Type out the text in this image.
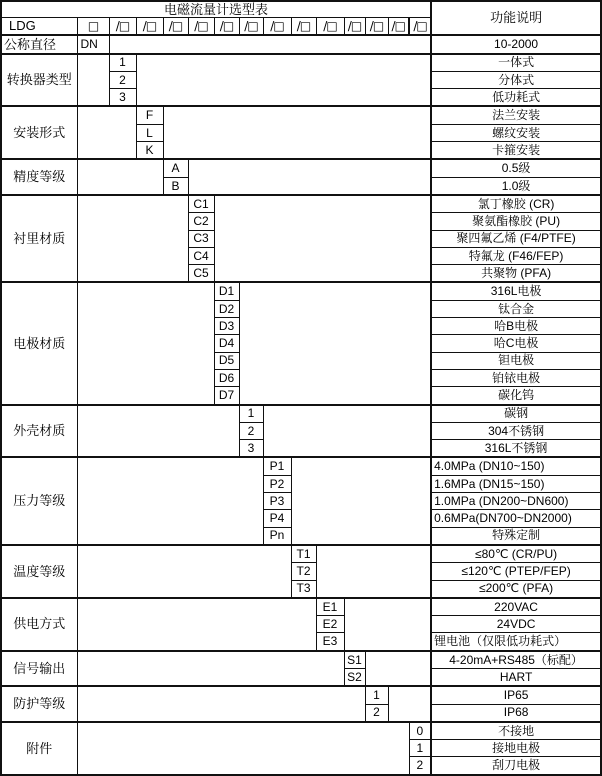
电磁流量计选型表															功能说明
LDG	□	/□	/□	/□	/□	/□	/□	/□	/□	/□	/□	/□	/□	/□	
公称直径	DN														10-2000
转换器类型		1													一体式
		2													分体式
		3													低功耗式
安装形式			F												法兰安装
			L												螺纹安装
			K												卡箍安装
精度等级				A											0.5级
				B											1.0级
衬里材质					C1										氯丁橡胶 (CR)
					C2										聚氨酯橡胶 (PU)
					C3										聚四氟乙烯 (F4/PTFE)
					C4										特氟龙 (F46/FEP)
					C5										共聚物 (PFA)
电极材质						D1									316L电极
						D2									钛合金
						D3									哈B电极
						D4									哈C电极
						D5									钽电极
						D6									铂铱电极
						D7									碳化钨
外壳材质							1								碳钢
							2								304不锈钢
							3								316L不锈钢
压力等级								P1							4.0MPa (DN10~150)
								P2							1.6MPa (DN15~150)
								P3							1.0MPa (DN200~DN600)
								P4							0.6MPa(DN700~DN2000)
								Pn							特殊定制
温度等级									T1						≤80℃ (CR/PU)
									T2						≤120℃ (PTEP/FEP)
									T3						≤200℃ (PFA)
供电方式										E1					220VAC
										E2					24VDC
										E3					锂电池（仅限低功耗式）
信号输出											S1				4-20mA+RS485（标配）
											S2				HART
防护等级												1			IP65
												2			IP68
附件														0	不接地
														1	接地电极
														2	刮刀电极
